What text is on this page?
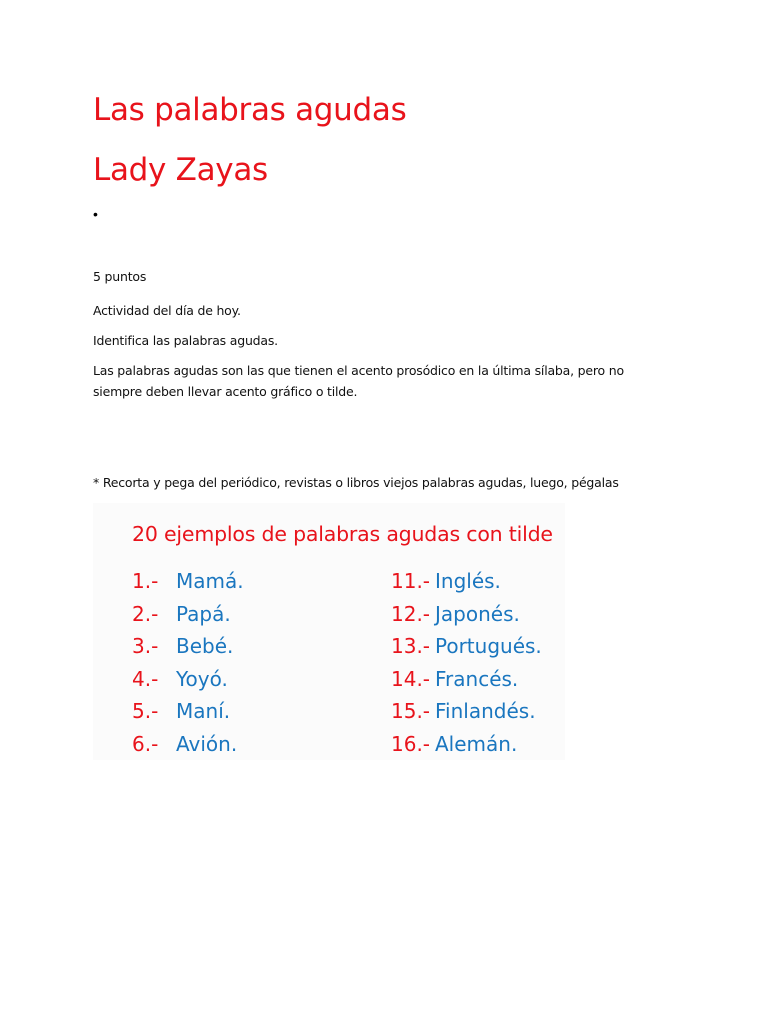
Las palabras agudas
Lady Zayas
•
5 puntos
Actividad del día de hoy.
Identifica las palabras agudas.
Las palabras agudas son las que tienen el acento prosódico en la última sílaba, pero no siempre deben llevar acento gráfico o tilde.
* Recorta y pega del periódico, revistas o libros viejos palabras agudas, luego, pégalas
20 ejemplos de palabras agudas con tilde
1.- Mamá.
2.- Papá.
3.- Bebé.
4.- Yoyó.
5.- Maní.
6.- Avión.
11.- Inglés.
12.- Japonés.
13.- Portugués.
14.- Francés.
15.- Finlandés.
16.- Alemán.
